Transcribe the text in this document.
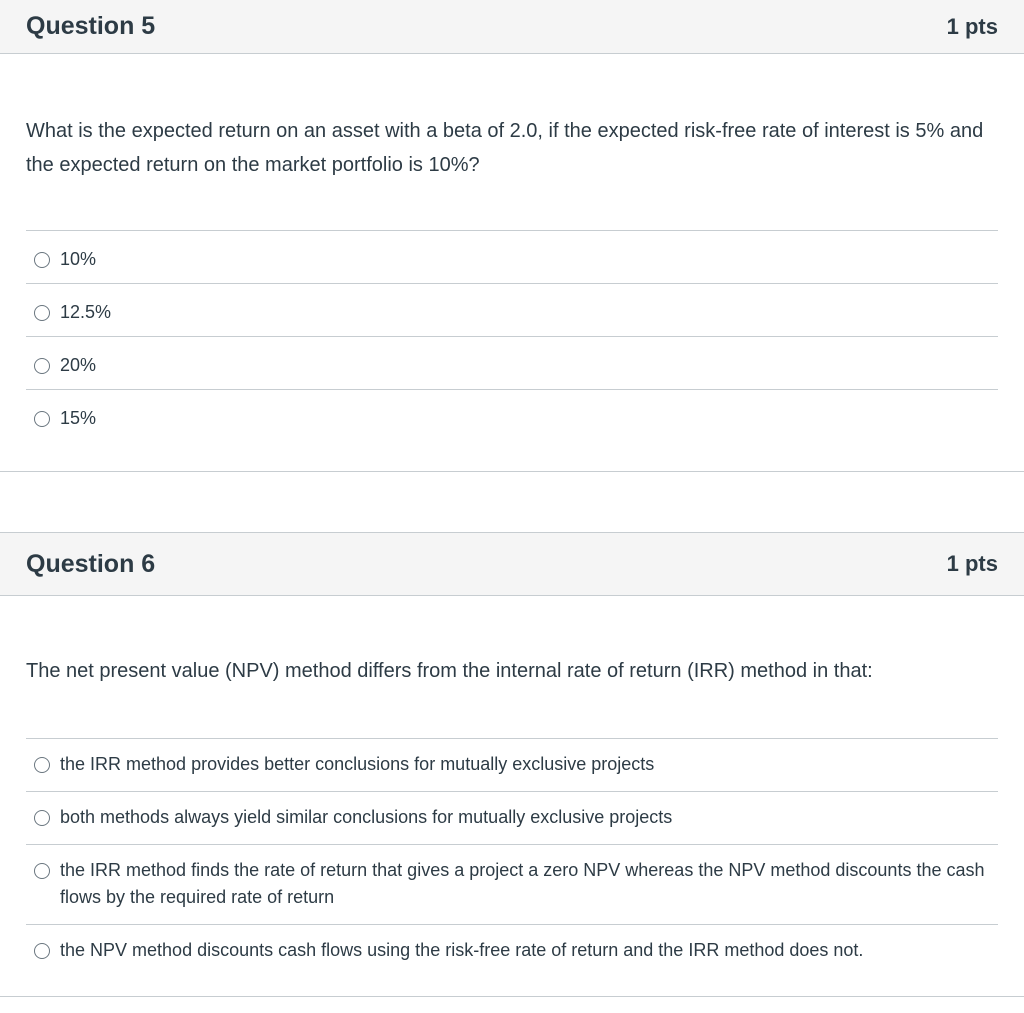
Question 5	1 pts
What is the expected return on an asset with a beta of 2.0, if the expected risk-free rate of interest is 5% and the expected return on the market portfolio is 10%?
10%
12.5%
20%
15%
Question 6	1 pts
The net present value (NPV) method differs from the internal rate of return (IRR) method in that:
the IRR method provides better conclusions for mutually exclusive projects
both methods always yield similar conclusions for mutually exclusive projects
the IRR method finds the rate of return that gives a project a zero NPV whereas the NPV method discounts the cash flows by the required rate of return
the NPV method discounts cash flows using the risk-free rate of return and the IRR method does not.
